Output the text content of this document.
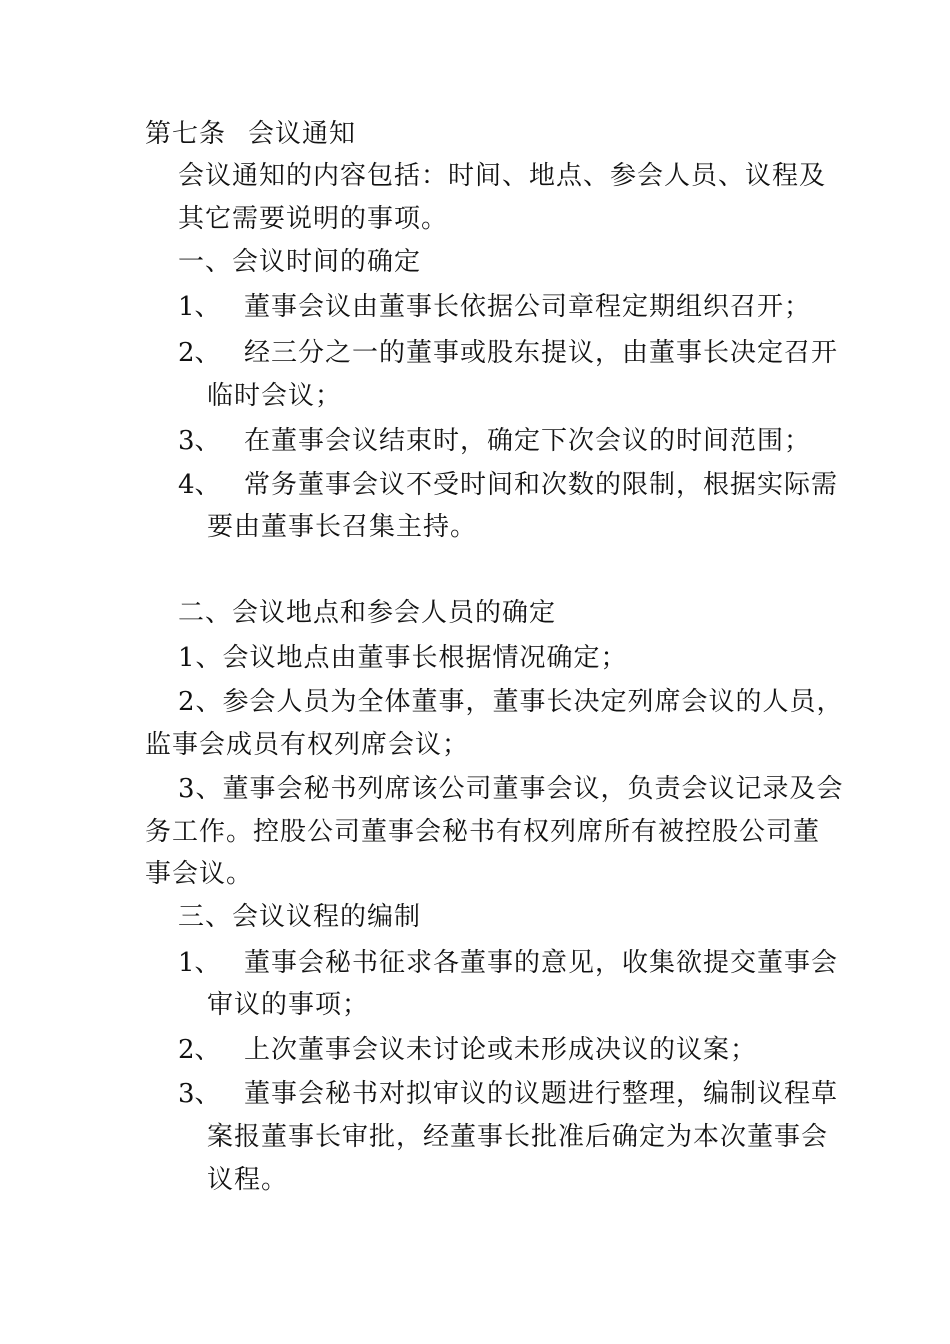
第七条 会议通知
会议通知的内容包括：时间、地点、参会人员、议程及
其它需要说明的事项。
一、会议时间的确定
1、 董事会议由董事长依据公司章程定期组织召开；
2、 经三分之一的董事或股东提议，由董事长决定召开
临时会议；
3、 在董事会议结束时，确定下次会议的时间范围；
4、 常务董事会议不受时间和次数的限制，根据实际需
要由董事长召集主持。
二、会议地点和参会人员的确定
1、会议地点由董事长根据情况确定；
2、参会人员为全体董事，董事长决定列席会议的人员，
监事会成员有权列席会议；
3、董事会秘书列席该公司董事会议，负责会议记录及会
务工作。控股公司董事会秘书有权列席所有被控股公司董
事会议。
三、会议议程的编制
1、 董事会秘书征求各董事的意见，收集欲提交董事会
审议的事项；
2、 上次董事会议未讨论或未形成决议的议案；
3、 董事会秘书对拟审议的议题进行整理，编制议程草
案报董事长审批，经董事长批准后确定为本次董事会
议程。
